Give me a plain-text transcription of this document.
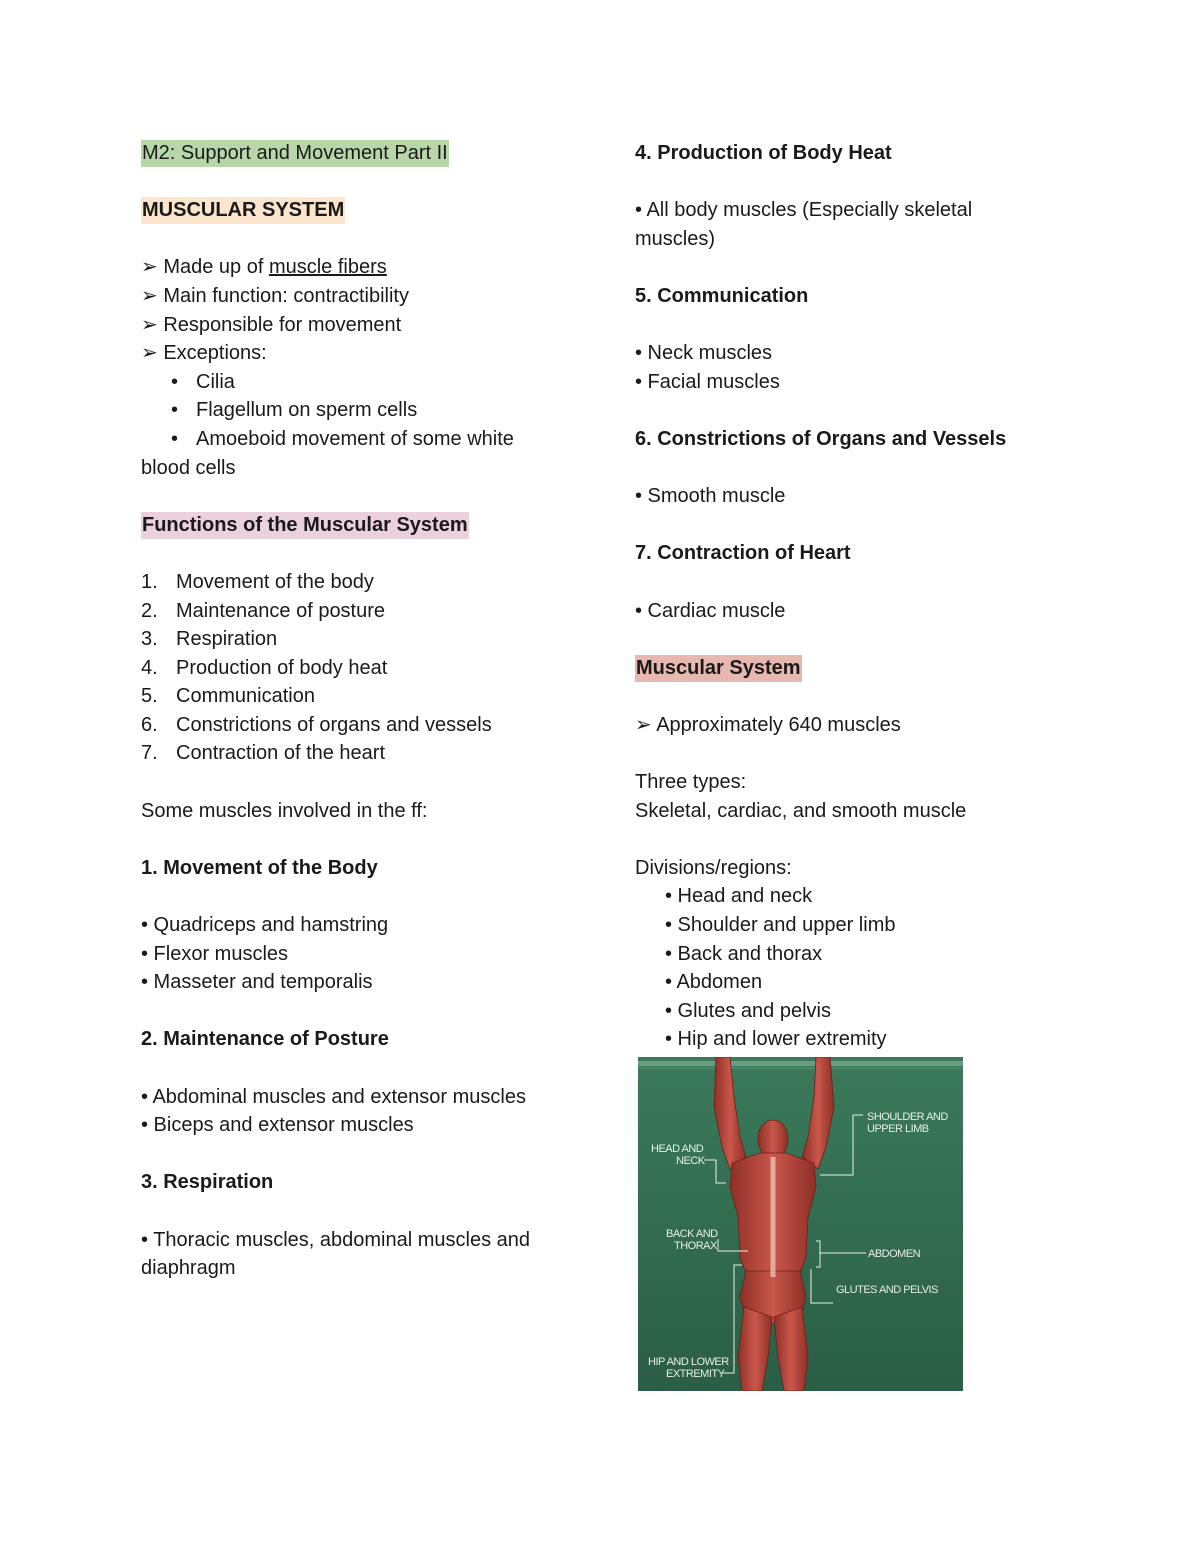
M2: Support and Movement Part II
MUSCULAR SYSTEM
➢ Made up of muscle fibers
➢ Main function: contractibility
➢ Responsible for movement
➢ Exceptions:
• Cilia
• Flagellum on sperm cells
• Amoeboid movement of some white
blood cells
Functions of the Muscular System
1. Movement of the body
2. Maintenance of posture
3. Respiration
4. Production of body heat
5. Communication
6. Constrictions of organs and vessels
7. Contraction of the heart
Some muscles involved in the ff:
1. Movement of the Body
• Quadriceps and hamstring
• Flexor muscles
• Masseter and temporalis
2. Maintenance of Posture
• Abdominal muscles and extensor muscles
• Biceps and extensor muscles
3. Respiration
• Thoracic muscles, abdominal muscles and diaphragm
4. Production of Body Heat
• All body muscles (Especially skeletal muscles)
5. Communication
• Neck muscles
• Facial muscles
6. Constrictions of Organs and Vessels
• Smooth muscle
7. Contraction of Heart
• Cardiac muscle
Muscular System
➢ Approximately 640 muscles
Three types:
Skeletal, cardiac, and smooth muscle
Divisions/regions:
• Head and neck
• Shoulder and upper limb
• Back and thorax
• Abdomen
• Glutes and pelvis
• Hip and lower extremity
SHOULDER AND
UPPER LIMB
HEAD AND
NECK
BACK AND
THORAX
ABDOMEN
GLUTES AND PELVIS
HIP AND LOWER
EXTREMITY
